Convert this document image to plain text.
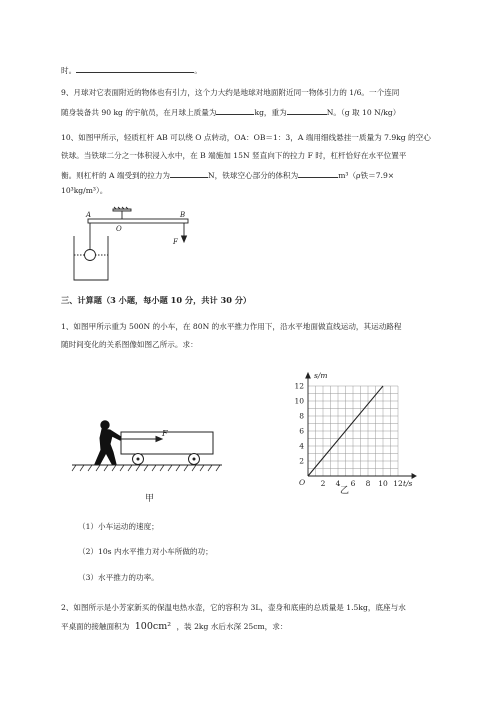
时。	。
9、月球对它表面附近的物体也有引力，这个力大约是地球对地面附近同一物体引力的 1/6。一个连同
随身装备共 90 kg 的宇航员，在月球上质量为	kg，重为	N。（g 取 10 N/kg）
10、如图甲所示，轻质杠杆 AB 可以绕 O 点转动，OA：OB＝1：3，A 端用细线悬挂一质量为 7.9kg 的空心
铁球。当铁球二分之一体积浸入水中，在 B 端施加 15N 竖直向下的拉力 F 时，杠杆恰好在水平位置平
衡。则杠杆的 A 端受到的拉力为	N，铁球空心部分的体积为	m³（ρ铁＝7.9×
10³kg/m³）。
A	B
O
F
三、计算题（3 小题，每小题 10 分，共计 30 分）
1、如图甲所示重为 500N 的小车，在 80N 的水平推力作用下，沿水平地面做直线运动，其运动路程
随时间变化的关系图像如图乙所示。求：
F
甲
2 4 6 8 10 12
2
4
6
8
10
12
s/m
t/s
O
乙
（1）小车运动的速度；
（2）10s 内水平推力对小车所做的功；
（3）水平推力的功率。
2、如图所示是小芳家新买的保温电热水壶，它的容积为 3L，壶身和底座的总质量是 1.5kg，底座与水
平桌面的接触面积为 100cm² ，装 2kg 水后水深 25cm，求：
